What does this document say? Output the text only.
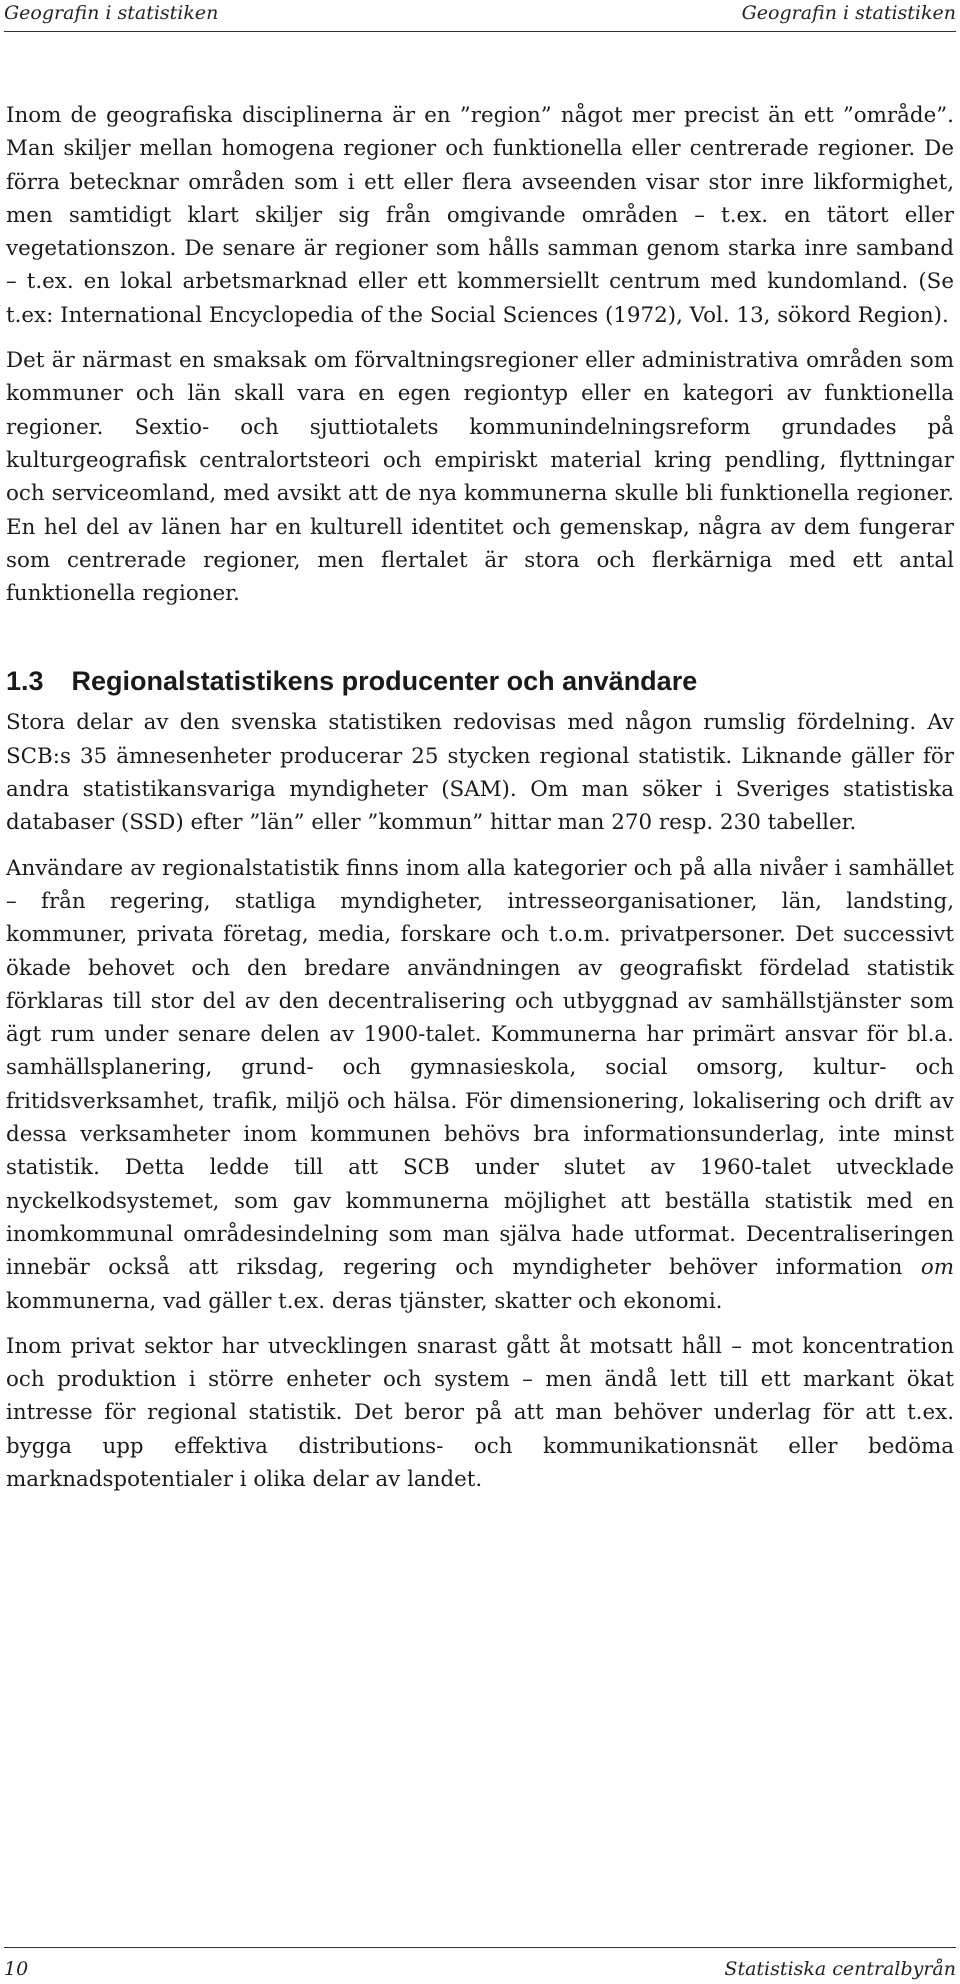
Geografin i statistiken	Geografin i statistiken

Inom de geografiska disciplinerna är en ”region” något mer precist än ett ”område”. Man skiljer mellan homogena regioner och funktionella eller centrerade regioner. De förra betecknar områden som i ett eller flera avseenden visar stor inre likformighet, men samtidigt klart skiljer sig från omgivande områden – t.ex. en tätort eller vegetationszon. De senare är regioner som hålls samman genom starka inre samband – t.ex. en lokal arbetsmarknad eller ett kommersiellt centrum med kundomland. (Se t.ex: International Encyclopedia of the Social Sciences (1972), Vol. 13, sökord Region).

Det är närmast en smaksak om förvaltningsregioner eller administrativa områden som kommuner och län skall vara en egen regiontyp eller en kategori av funktionella regioner. Sextio- och sjuttiotalets kommunindelningsreform grundades på kulturgeografisk centralortsteori och empiriskt material kring pendling, flyttningar och serviceomland, med avsikt att de nya kommunerna skulle bli funktionella regioner. En hel del av länen har en kulturell identitet och gemenskap, några av dem fungerar som centrerade regioner, men flertalet är stora och flerkärniga med ett antal funktionella regioner.

1.3 Regionalstatistikens producenter och användare

Stora delar av den svenska statistiken redovisas med någon rumslig fördelning. Av SCB:s 35 ämnesenheter producerar 25 stycken regional statistik. Liknande gäller för andra statistikansvariga myndigheter (SAM). Om man söker i Sveriges statistiska databaser (SSD) efter ”län” eller ”kommun” hittar man 270 resp. 230 tabeller.

Användare av regionalstatistik finns inom alla kategorier och på alla nivåer i samhället – från regering, statliga myndigheter, intresseorganisationer, län, landsting, kommuner, privata företag, media, forskare och t.o.m. privatpersoner. Det successivt ökade behovet och den bredare användningen av geografiskt fördelad statistik förklaras till stor del av den decentralisering och utbyggnad av samhällstjänster som ägt rum under senare delen av 1900-talet. Kommunerna har primärt ansvar för bl.a. samhällsplanering, grund- och gymnasieskola, social omsorg, kultur- och fritidsverksamhet, trafik, miljö och hälsa. För dimensionering, lokalisering och drift av dessa verksamheter inom kommunen behövs bra informationsunderlag, inte minst statistik. Detta ledde till att SCB under slutet av 1960-talet utvecklade nyckelkodsystemet, som gav kommunerna möjlighet att beställa statistik med en inomkommunal områdesindelning som man själva hade utformat. Decentraliseringen innebär också att riksdag, regering och myndigheter behöver information om kommunerna, vad gäller t.ex. deras tjänster, skatter och ekonomi.

Inom privat sektor har utvecklingen snarast gått åt motsatt håll – mot koncentration och produktion i större enheter och system – men ändå lett till ett markant ökat intresse för regional statistik. Det beror på att man behöver underlag för att t.ex. bygga upp effektiva distributions- och kommunikationsnät eller bedöma marknadspotentialer i olika delar av landet.

10	Statistiska centralbyrån
